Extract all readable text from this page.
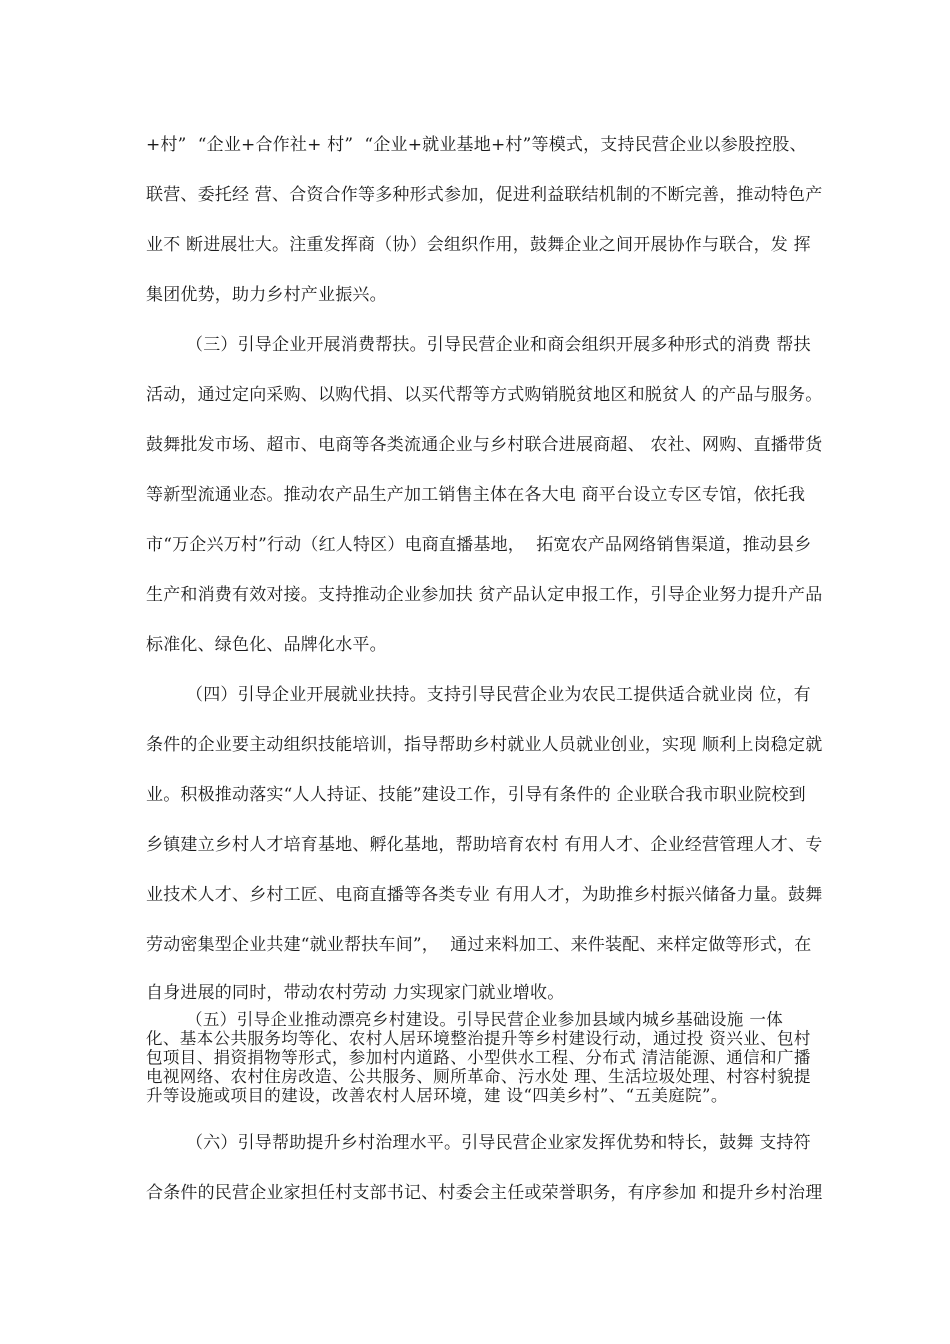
+村”  “企业+合作社+ 村”  “企业+就业基地+村”等模式，支持民营企业以参股控股、
联营、委托经 营、合资合作等多种形式参加，促进利益联结机制的不断完善，推动特色产
业不 断进展壮大。注重发挥商（协）会组织作用，鼓舞企业之间开展协作与联合，发 挥
集团优势，助力乡村产业振兴。
（三）引导企业开展消费帮扶。引导民营企业和商会组织开展多种形式的消费 帮扶
活动，通过定向采购、以购代捐、以买代帮等方式购销脱贫地区和脱贫人 的产品与服务。
鼓舞批发市场、超市、电商等各类流通企业与乡村联合进展商超、 农社、网购、直播带货
等新型流通业态。推动农产品生产加工销售主体在各大电 商平台设立专区专馆，依托我
市“万企兴万村”行动（红人特区）电商直播基地，  拓宽农产品网络销售渠道，推动县乡
生产和消费有效对接。支持推动企业参加扶 贫产品认定申报工作，引导企业努力提升产品
标准化、绿色化、品牌化水平。
（四）引导企业开展就业扶持。支持引导民营企业为农民工提供适合就业岗 位，有
条件的企业要主动组织技能培训，指导帮助乡村就业人员就业创业，实现 顺利上岗稳定就
业。积极推动落实“人人持证、技能”建设工作，引导有条件的 企业联合我市职业院校到
乡镇建立乡村人才培育基地、孵化基地，帮助培育农村 有用人才、企业经营管理人才、专
业技术人才、乡村工匠、电商直播等各类专业 有用人才，为助推乡村振兴储备力量。鼓舞
劳动密集型企业共建“就业帮扶车间”，  通过来料加工、来件装配、来样定做等形式，在
自身进展的同时，带动农村劳动 力实现家门就业增收。
（五）引导企业推动漂亮乡村建设。引导民营企业参加县域内城乡基础设施 一体
化、基本公共服务均等化、农村人居环境整治提升等乡村建设行动，通过投 资兴业、包村
包项目、捐资捐物等形式，参加村内道路、小型供水工程、分布式 清洁能源、通信和广播
电视网络、农村住房改造、公共服务、厕所革命、污水处 理、生活垃圾处理、村容村貌提
升等设施或项目的建设，改善农村人居环境，建 设“四美乡村”、“五美庭院”。
（六）引导帮助提升乡村治理水平。引导民营企业家发挥优势和特长，鼓舞 支持符
合条件的民营企业家担任村支部书记、村委会主任或荣誉职务，有序参加 和提升乡村治理
